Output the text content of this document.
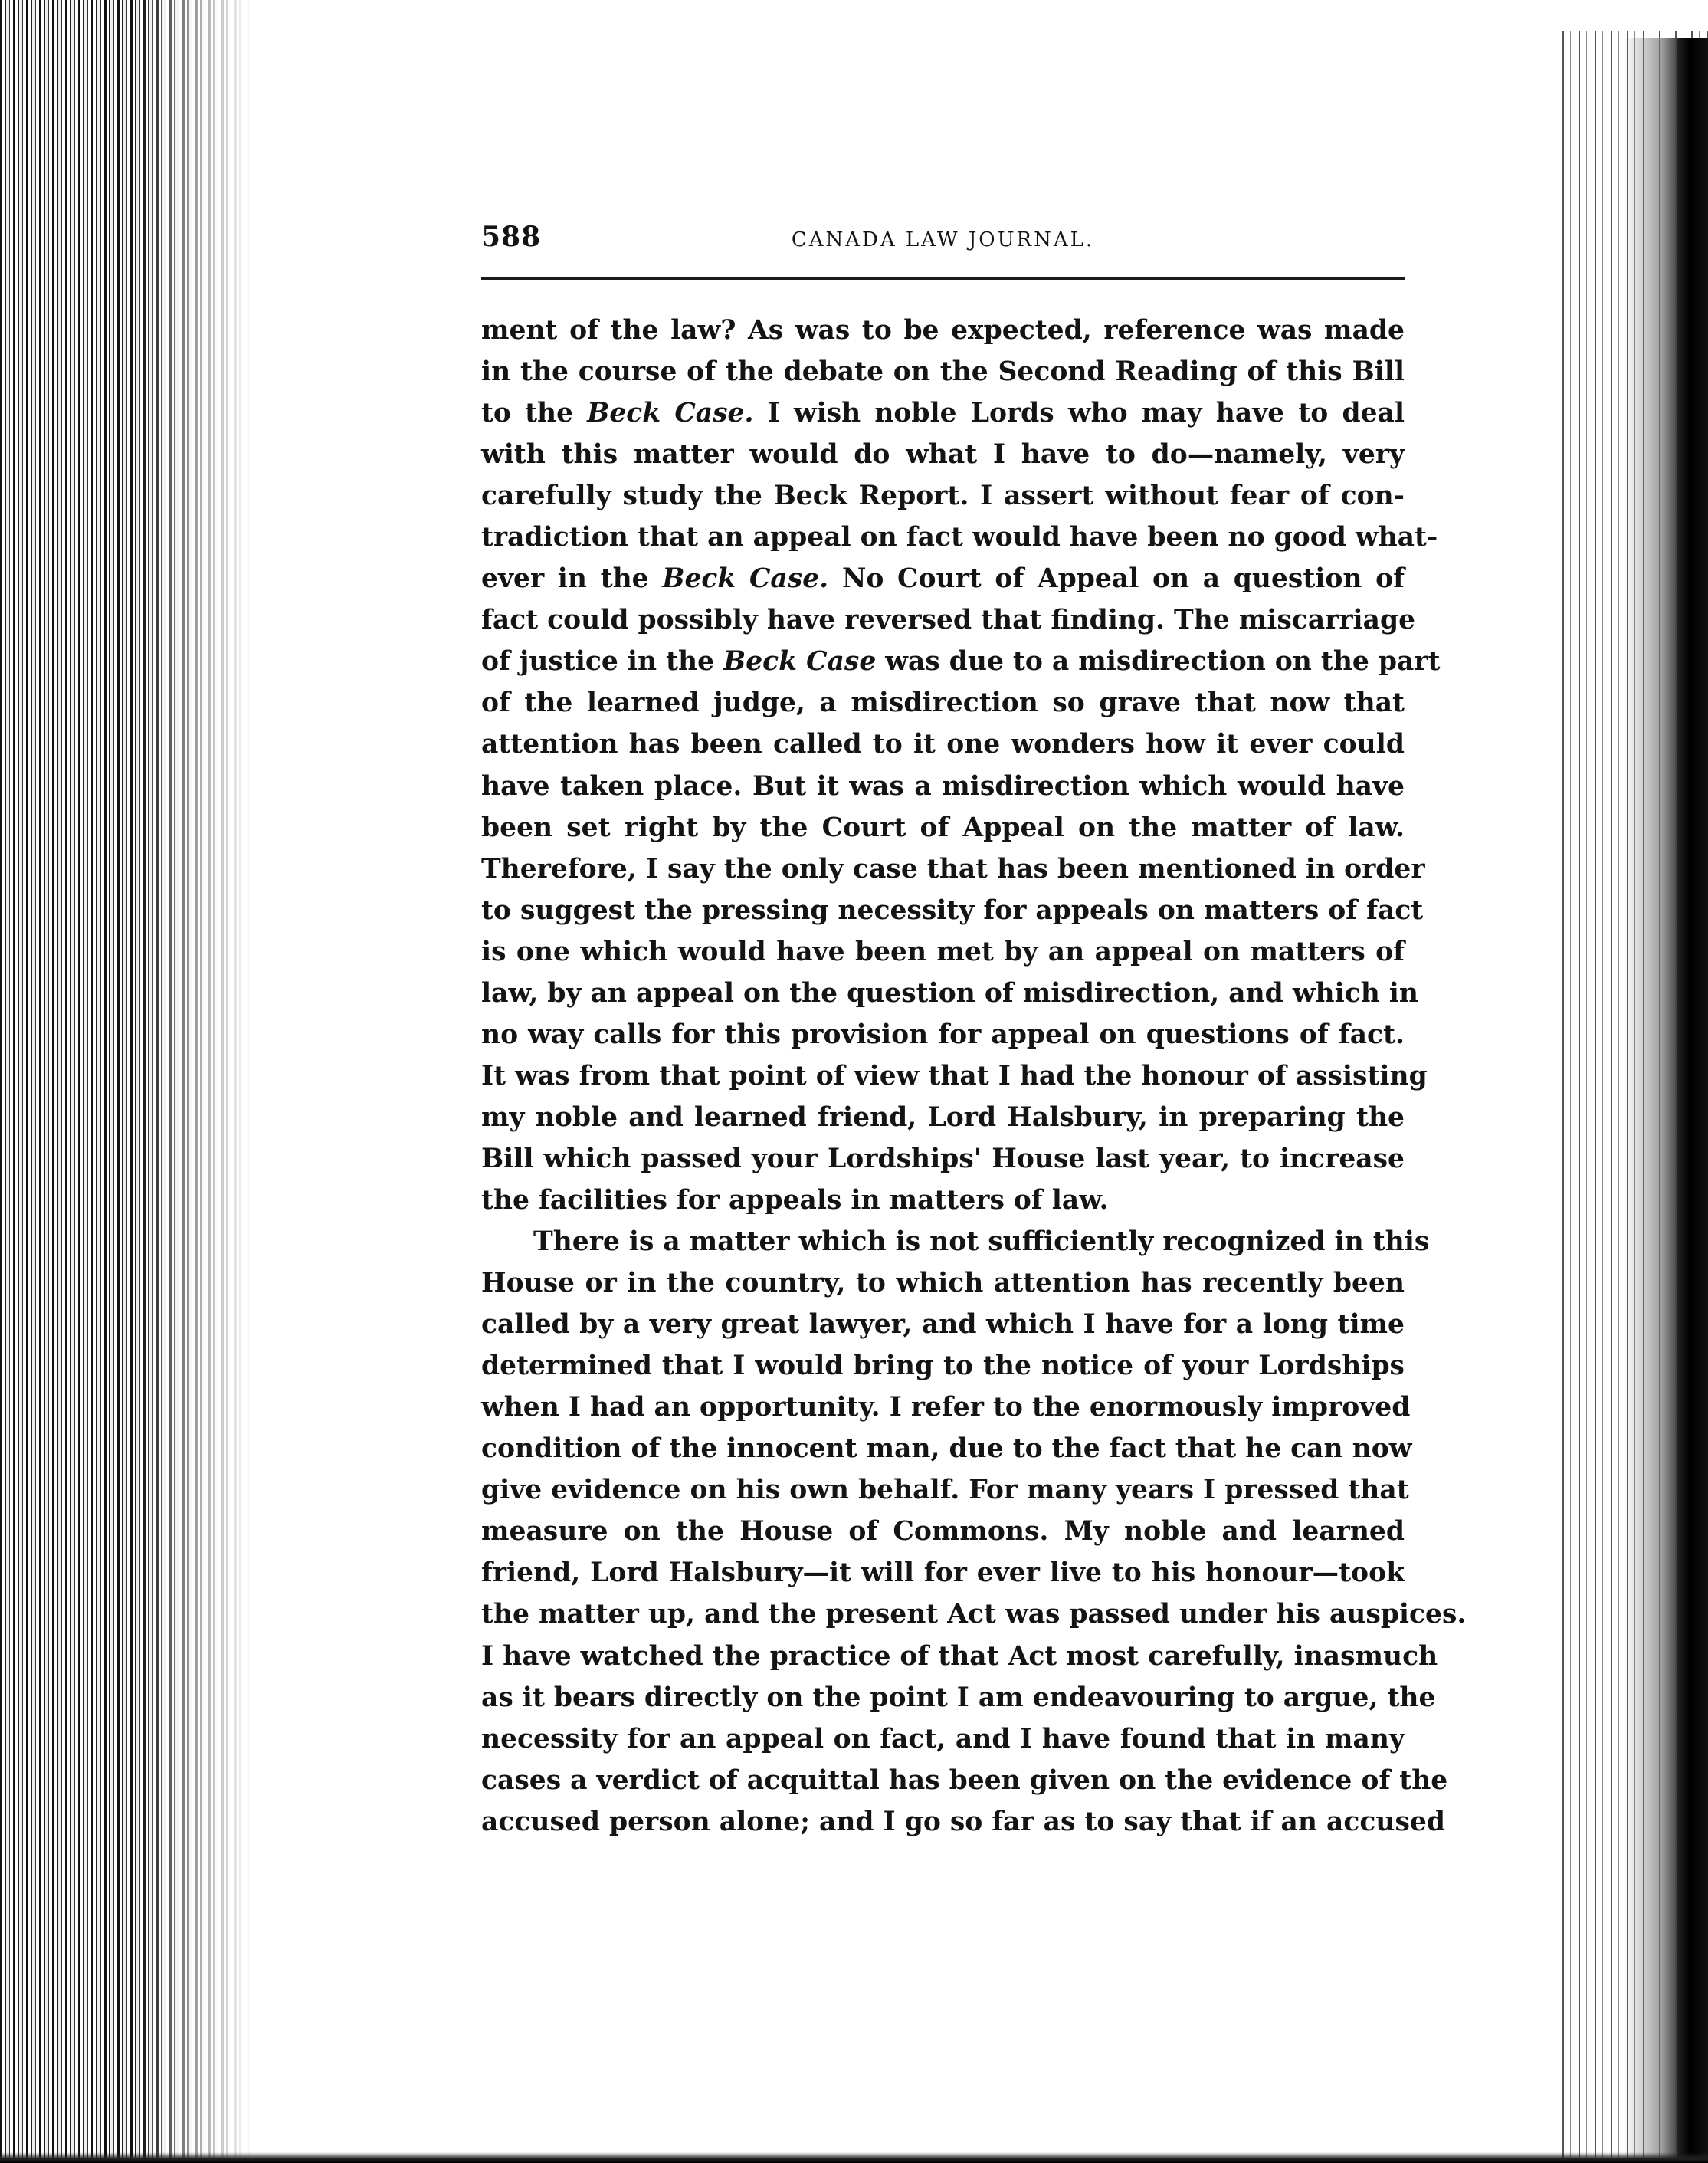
588	CANADA LAW JOURNAL.
ment of the law? As was to be expected, reference was made
in the course of the debate on the Second Reading of this Bill
to the Beck Case. I wish noble Lords who may have to deal
with this matter would do what I have to do—namely, very
carefully study the Beck Report. I assert without fear of con-
tradiction that an appeal on fact would have been no good what-
ever in the Beck Case. No Court of Appeal on a question of
fact could possibly have reversed that finding. The miscarriage
of justice in the Beck Case was due to a misdirection on the part
of the learned judge, a misdirection so grave that now that
attention has been called to it one wonders how it ever could
have taken place. But it was a misdirection which would have
been set right by the Court of Appeal on the matter of law.
Therefore, I say the only case that has been mentioned in order
to suggest the pressing necessity for appeals on matters of fact
is one which would have been met by an appeal on matters of
law, by an appeal on the question of misdirection, and which in
no way calls for this provision for appeal on questions of fact.
It was from that point of view that I had the honour of assisting
my noble and learned friend, Lord Halsbury, in preparing the
Bill which passed your Lordships' House last year, to increase
the facilities for appeals in matters of law.
There is a matter which is not sufficiently recognized in this
House or in the country, to which attention has recently been
called by a very great lawyer, and which I have for a long time
determined that I would bring to the notice of your Lordships
when I had an opportunity. I refer to the enormously improved
condition of the innocent man, due to the fact that he can now
give evidence on his own behalf. For many years I pressed that
measure on the House of Commons. My noble and learned
friend, Lord Halsbury—it will for ever live to his honour—took
the matter up, and the present Act was passed under his auspices.
I have watched the practice of that Act most carefully, inasmuch
as it bears directly on the point I am endeavouring to argue, the
necessity for an appeal on fact, and I have found that in many
cases a verdict of acquittal has been given on the evidence of the
accused person alone; and I go so far as to say that if an accused
